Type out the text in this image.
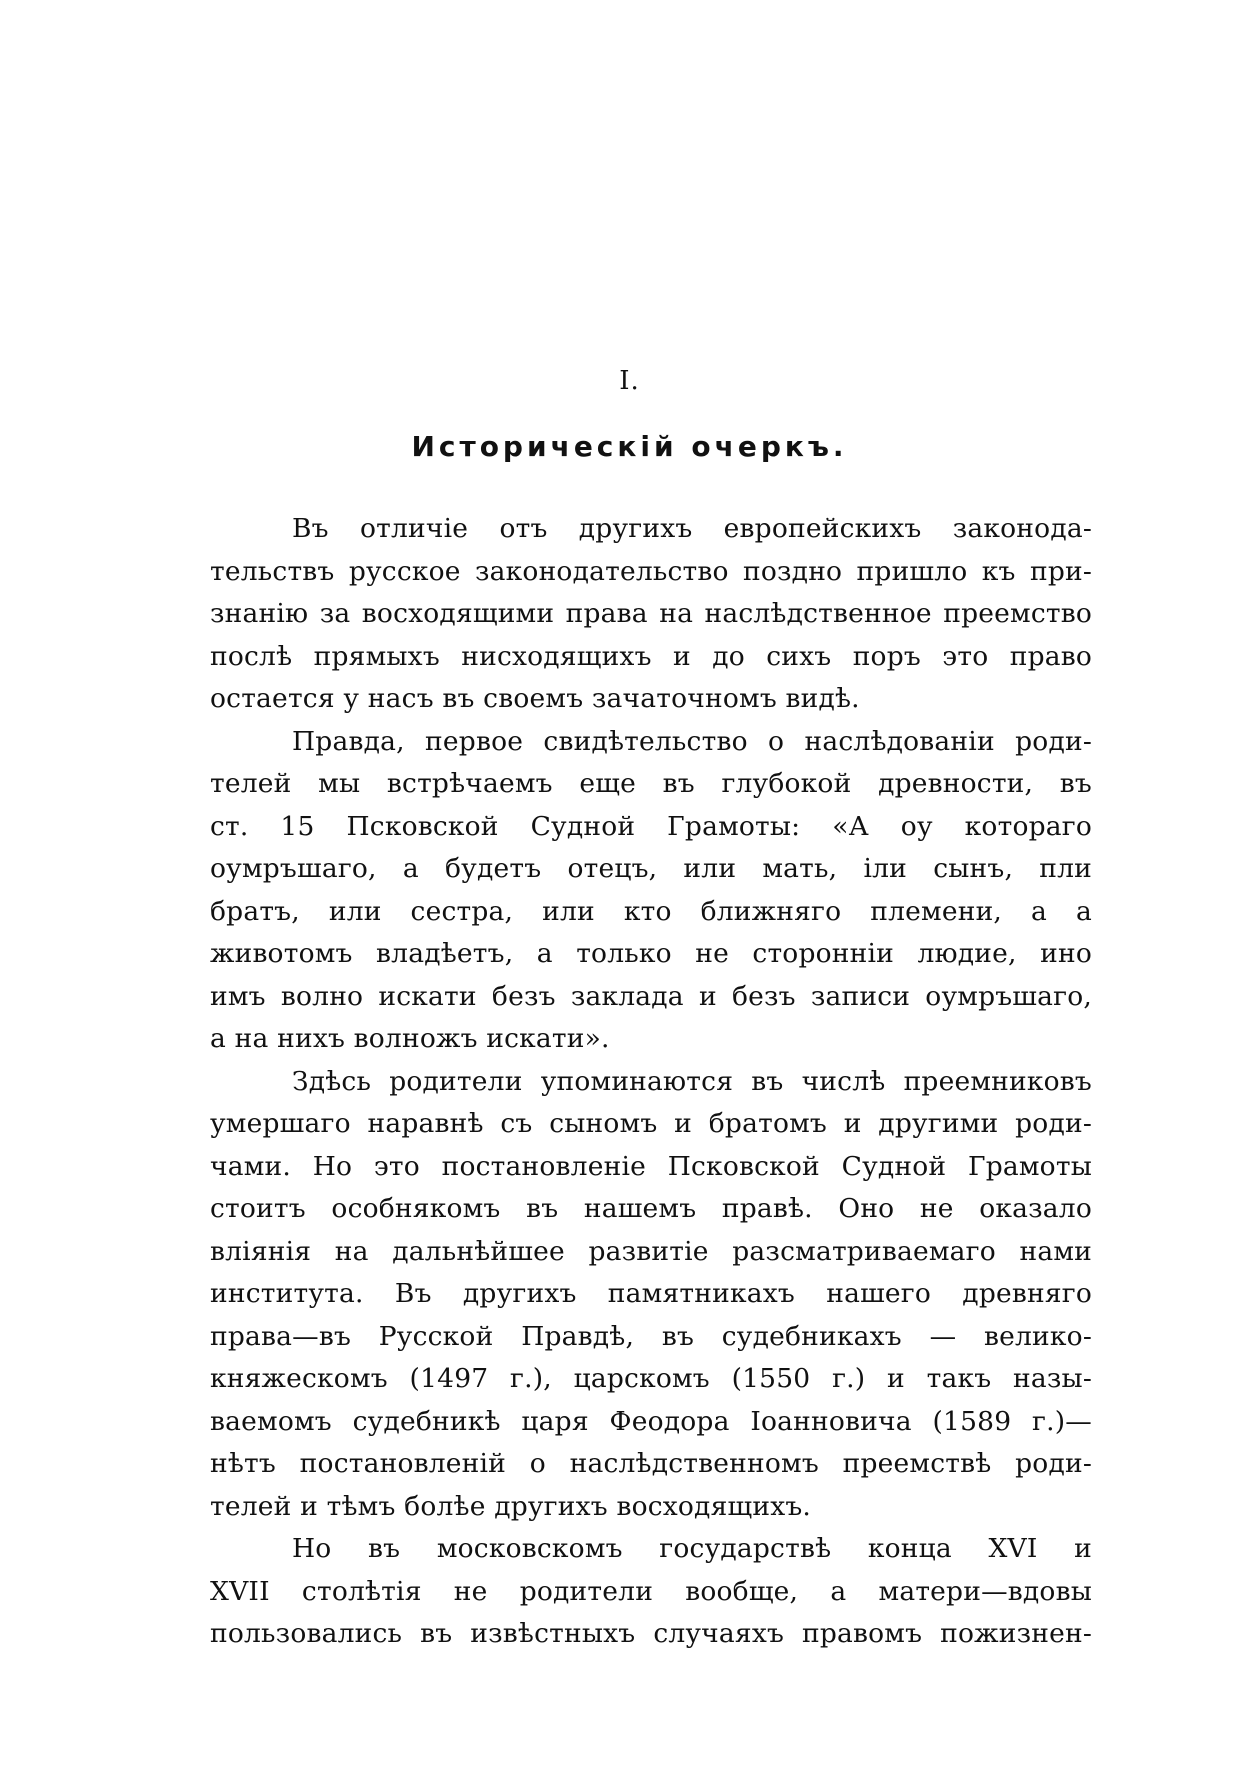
I.
Историческій очеркъ.
Въ отличіе отъ другихъ европейскихъ законода-
тельствъ русское законодательство поздно пришло къ при-
знанію за восходящими права на наслѣдственное преемство
послѣ прямыхъ нисходящихъ и до сихъ поръ это право
остается у насъ въ своемъ зачаточномъ видѣ.
Правда, первое свидѣтельство о наслѣдованіи роди-
телей мы встрѣчаемъ еще въ глубокой древности, въ
ст. 15 Псковской Судной Грамоты: «А оу котораго
оумръшаго, а будетъ отецъ, или мать, іли сынъ, пли
братъ, или сестра, или кто ближняго племени, а а
животомъ владѣетъ, а только не сторонніи людие, ино
имъ волно искати безъ заклада и безъ записи оумръшаго,
а на нихъ волножъ искати».
Здѣсь родители упоминаются въ числѣ преемниковъ
умершаго наравнѣ съ сыномъ и братомъ и другими роди-
чами. Но это постановленіе Псковской Судной Грамоты
стоитъ особнякомъ въ нашемъ правѣ. Оно не оказало
вліянія на дальнѣйшее развитіе разсматриваемаго нами
института. Въ другихъ памятникахъ нашего древняго
права—въ Русской Правдѣ, въ судебникахъ — велико-
княжескомъ (1497 г.), царскомъ (1550 г.) и такъ назы-
ваемомъ судебникѣ царя Феодора Іоанновича (1589 г.)—
нѣтъ постановленій о наслѣдственномъ преемствѣ роди-
телей и тѣмъ болѣе другихъ восходящихъ.
Но въ московскомъ государствѣ конца XVI и
XVII столѣтія не родители вообще, а матери—вдовы
пользовались въ извѣстныхъ случаяхъ правомъ пожизнен-
